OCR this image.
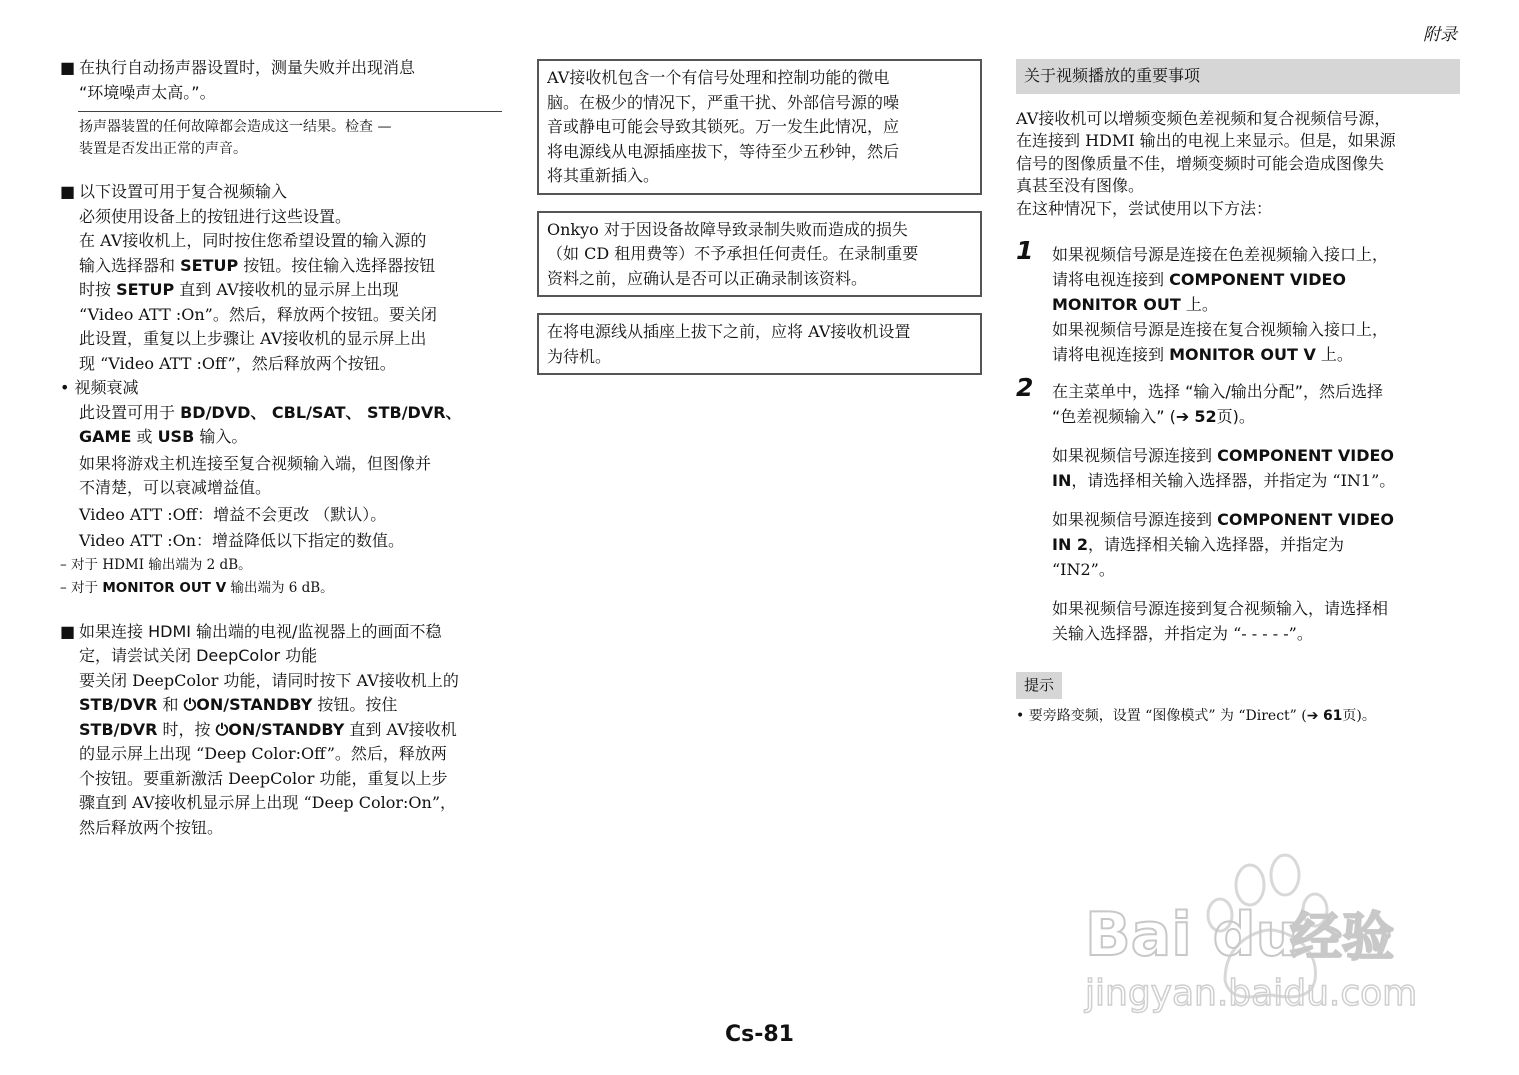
附录
■ 在执行自动扬声器设置时，测量失败并出现消息
“环境噪声太高。”。
扬声器装置的任何故障都会造成这一结果。检查 —
装置是否发出正常的声音。
■ 以下设置可用于复合视频输入
必须使用设备上的按钮进行这些设置。
在 AV接收机上，同时按住您希望设置的输入源的
输入选择器和 SETUP 按钮。按住输入选择器按钮
时按 SETUP 直到 AV接收机的显示屏上出现
“Video ATT :On”。然后，释放两个按钮。要关闭
此设置，重复以上步骤让 AV接收机的显示屏上出
现 “Video ATT :Off”，然后释放两个按钮。
• 视频衰减
此设置可用于 BD/DVD、 CBL/SAT、 STB/DVR、
GAME 或 USB 输入。
如果将游戏主机连接至复合视频输入端，但图像并
不清楚，可以衰减增益值。
Video ATT :Off：增益不会更改 （默认）。
Video ATT :On：增益降低以下指定的数值。
– 对于 HDMI 输出端为 2 dB。
– 对于 MONITOR OUT V 输出端为 6 dB。
■ 如果连接 HDMI 输出端的电视/监视器上的画面不稳
定，请尝试关闭 DeepColor 功能
要关闭 DeepColor 功能，请同时按下 AV接收机上的
STB/DVR 和 ⏻ON/STANDBY 按钮。按住
STB/DVR 时，按 ⏻ON/STANDBY 直到 AV接收机
的显示屏上出现 “Deep Color:Off”。然后，释放两
个按钮。要重新激活 DeepColor 功能，重复以上步
骤直到 AV接收机显示屏上出现 “Deep Color:On”，
然后释放两个按钮。
AV接收机包含一个有信号处理和控制功能的微电
脑。在极少的情况下，严重干扰、外部信号源的噪
音或静电可能会导致其锁死。万一发生此情况，应
将电源线从电源插座拔下，等待至少五秒钟，然后
将其重新插入。
Onkyo 对于因设备故障导致录制失败而造成的损失
（如 CD 租用费等）不予承担任何责任。在录制重要
资料之前，应确认是否可以正确录制该资料。
在将电源线从插座上拔下之前，应将 AV接收机设置
为待机。
关于视频播放的重要事项
AV接收机可以增频变频色差视频和复合视频信号源，
在连接到 HDMI 输出的电视上来显示。但是，如果源
信号的图像质量不佳，增频变频时可能会造成图像失
真甚至没有图像。
在这种情况下，尝试使用以下方法：
1 如果视频信号源是连接在色差视频输入接口上，
请将电视连接到 COMPONENT VIDEO
MONITOR OUT 上。
如果视频信号源是连接在复合视频输入接口上，
请将电视连接到 MONITOR OUT V 上。
2 在主菜单中，选择 “输入/输出分配”，然后选择
“色差视频输入” (➔ 52页)。
如果视频信号源连接到 COMPONENT VIDEO
IN，请选择相关输入选择器，并指定为 “IN1”。
如果视频信号源连接到 COMPONENT VIDEO
IN 2，请选择相关输入选择器，并指定为
“IN2”。
如果视频信号源连接到复合视频输入，请选择相
关输入选择器，并指定为 “- - - - -”。
提示
• 要旁路变频，设置 “图像模式” 为 “Direct” (➔ 61页)。
Cs-81
Bai du
经验
jingyan.baidu.com
